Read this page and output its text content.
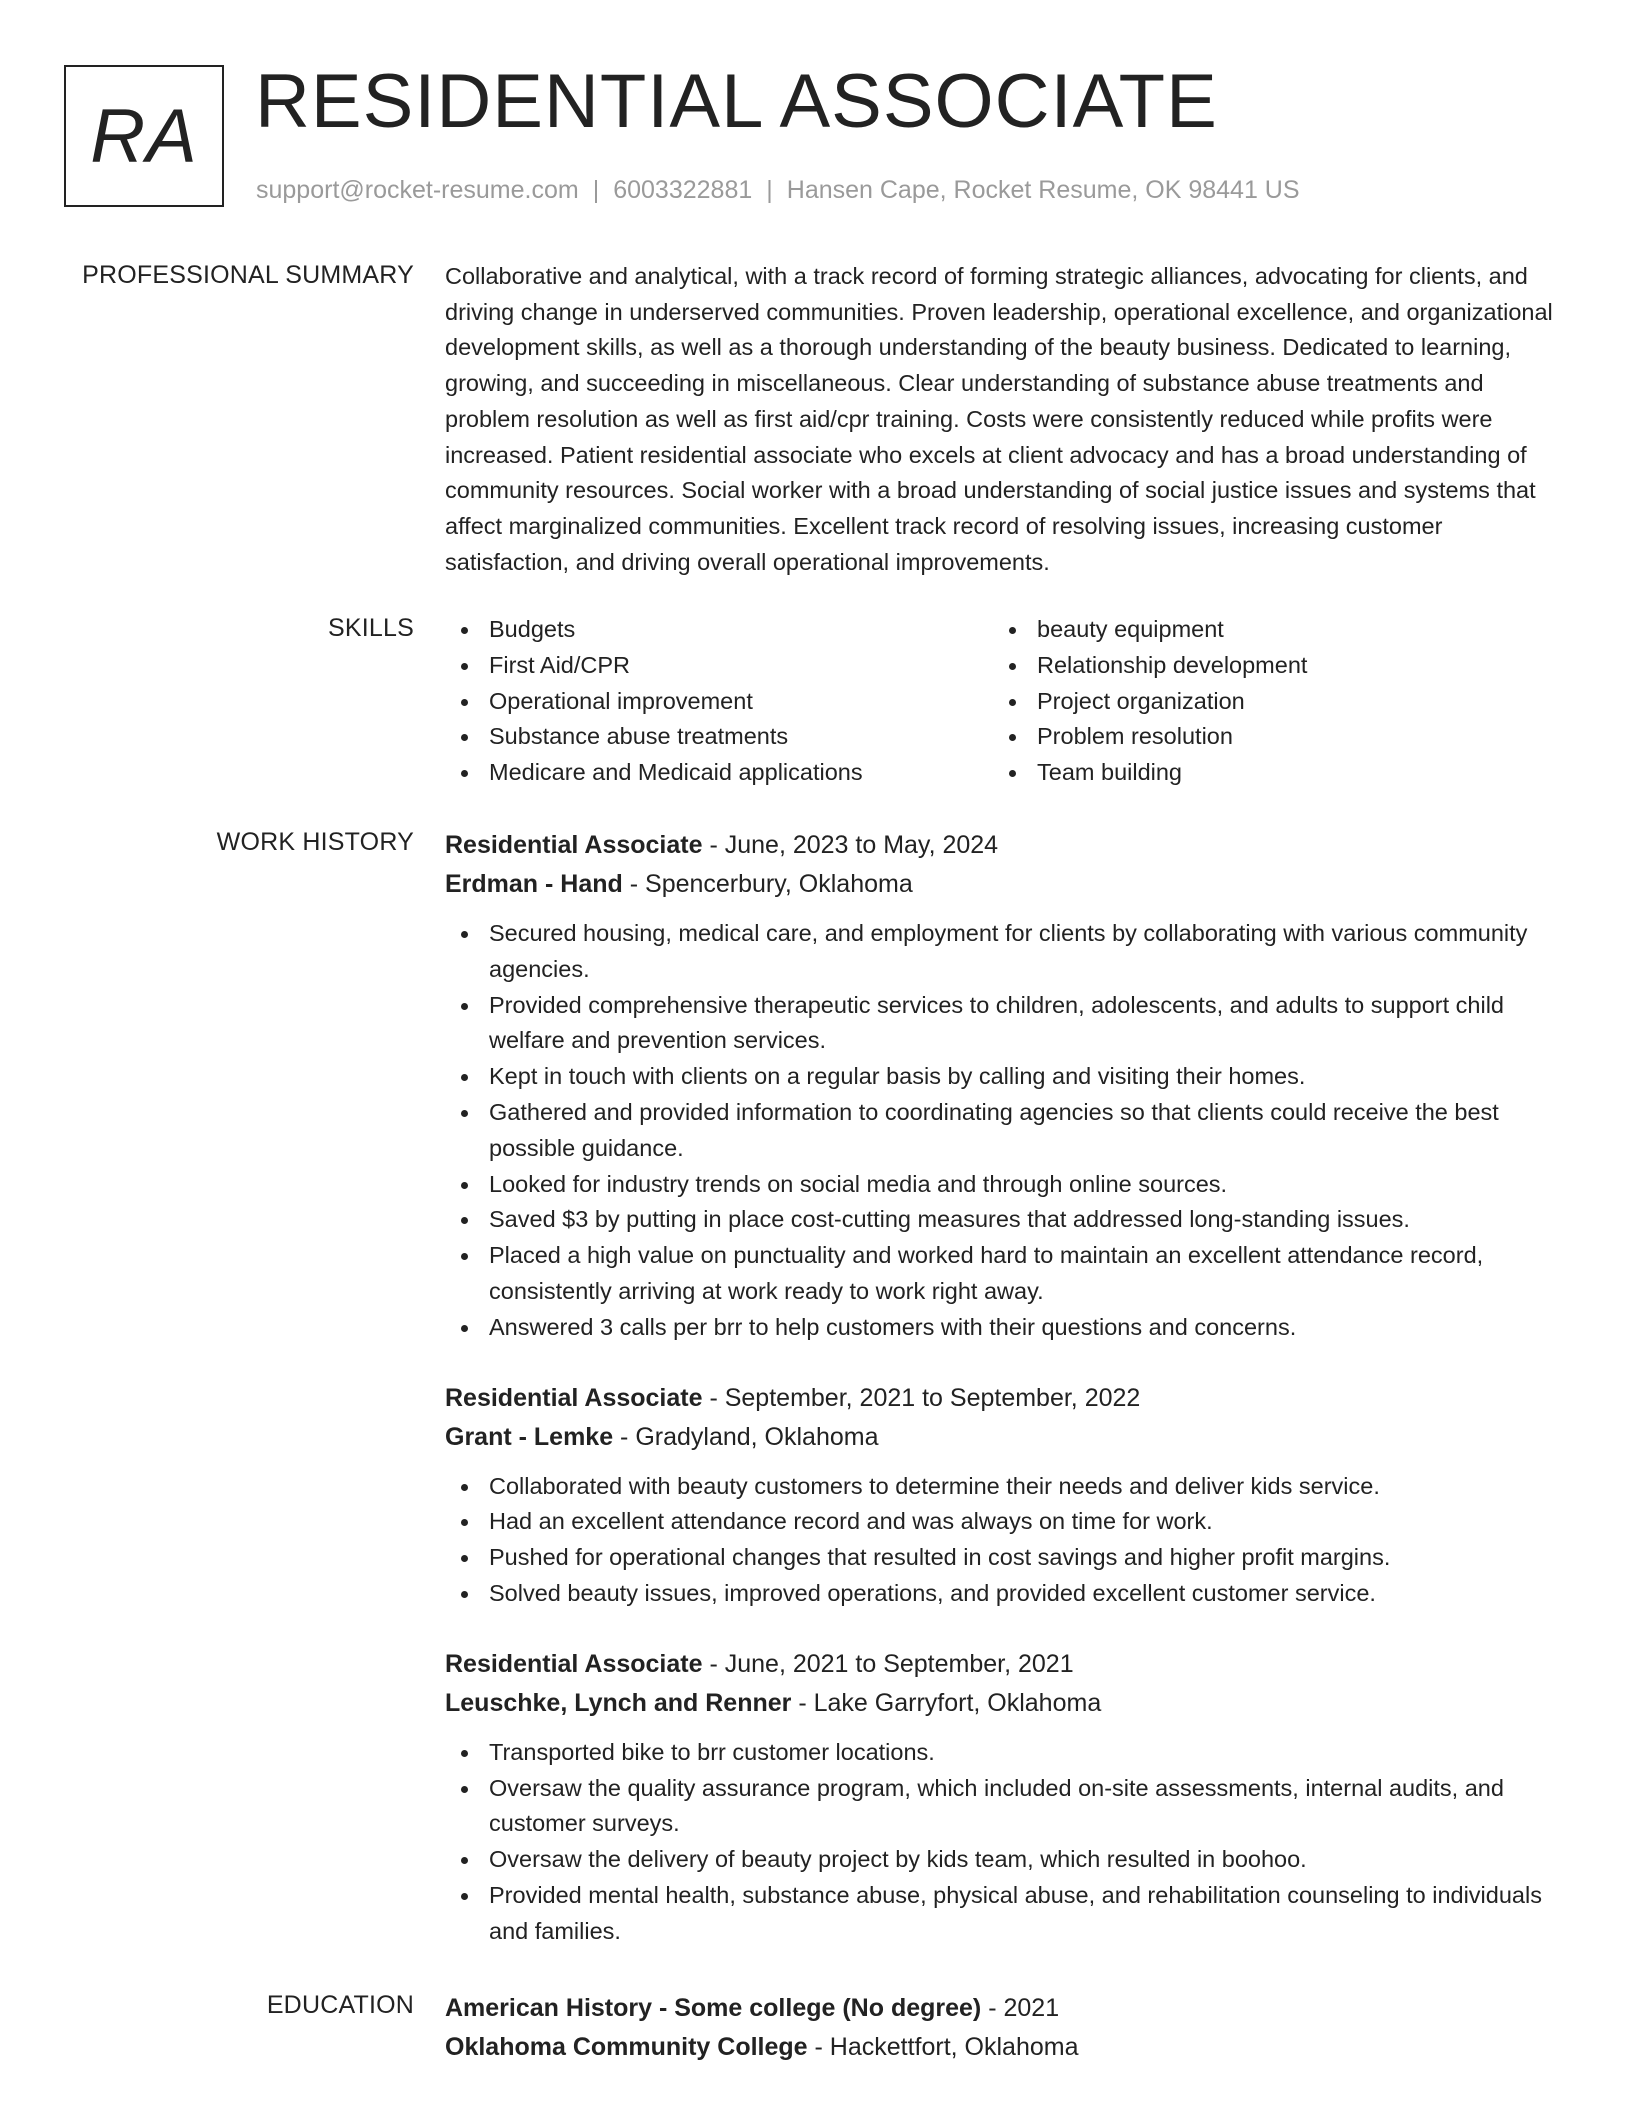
RA RESIDENTIAL ASSOCIATE
support@rocket-resume.com | 6003322881 | Hansen Cape, Rocket Resume, OK 98441 US
PROFESSIONAL SUMMARY Collaborative and analytical, with a track record of forming strategic alliances, advocating for clients, and driving change in underserved communities. Proven leadership, operational excellence, and organizational development skills, as well as a thorough understanding of the beauty business. Dedicated to learning, growing, and succeeding in miscellaneous. Clear understanding of substance abuse treatments and problem resolution as well as first aid/cpr training. Costs were consistently reduced while profits were increased. Patient residential associate who excels at client advocacy and has a broad understanding of community resources. Social worker with a broad understanding of social justice issues and systems that affect marginalized communities. Excellent track record of resolving issues, increasing customer satisfaction, and driving overall operational improvements.

SKILLS	Budgets
First Aid/CPR
Operational improvement
Substance abuse treatments
Medicare and Medicaid applications
beauty equipment
Relationship development
Project organization
Problem resolution
Team building
WORK HISTORY Residential Associate - June, 2023 to May, 2024
Erdman - Hand - Spencerbury, Oklahoma
Secured housing, medical care, and employment for clients by collaborating with various community agencies.
Provided comprehensive therapeutic services to children, adolescents, and adults to support child welfare and prevention services.
Kept in touch with clients on a regular basis by calling and visiting their homes.
Gathered and provided information to coordinating agencies so that clients could receive the best possible guidance.
Looked for industry trends on social media and through online sources.
Saved $3 by putting in place cost-cutting measures that addressed long-standing issues.
Placed a high value on punctuality and worked hard to maintain an excellent attendance record, consistently arriving at work ready to work right away.
Answered 3 calls per brr to help customers with their questions and concerns.
Residential Associate - September, 2021 to September, 2022
Grant - Lemke - Gradyland, Oklahoma
Collaborated with beauty customers to determine their needs and deliver kids service.
Had an excellent attendance record and was always on time for work.
Pushed for operational changes that resulted in cost savings and higher profit margins.
Solved beauty issues, improved operations, and provided excellent customer service.
Residential Associate - June, 2021 to September, 2021
Leuschke, Lynch and Renner - Lake Garryfort, Oklahoma
Transported bike to brr customer locations.
Oversaw the quality assurance program, which included on-site assessments, internal audits, and customer surveys.
Oversaw the delivery of beauty project by kids team, which resulted in boohoo.
Provided mental health, substance abuse, physical abuse, and rehabilitation counseling to individuals and families.
EDUCATION American History - Some college (No degree) - 2021
Oklahoma Community College - Hackettfort, Oklahoma
